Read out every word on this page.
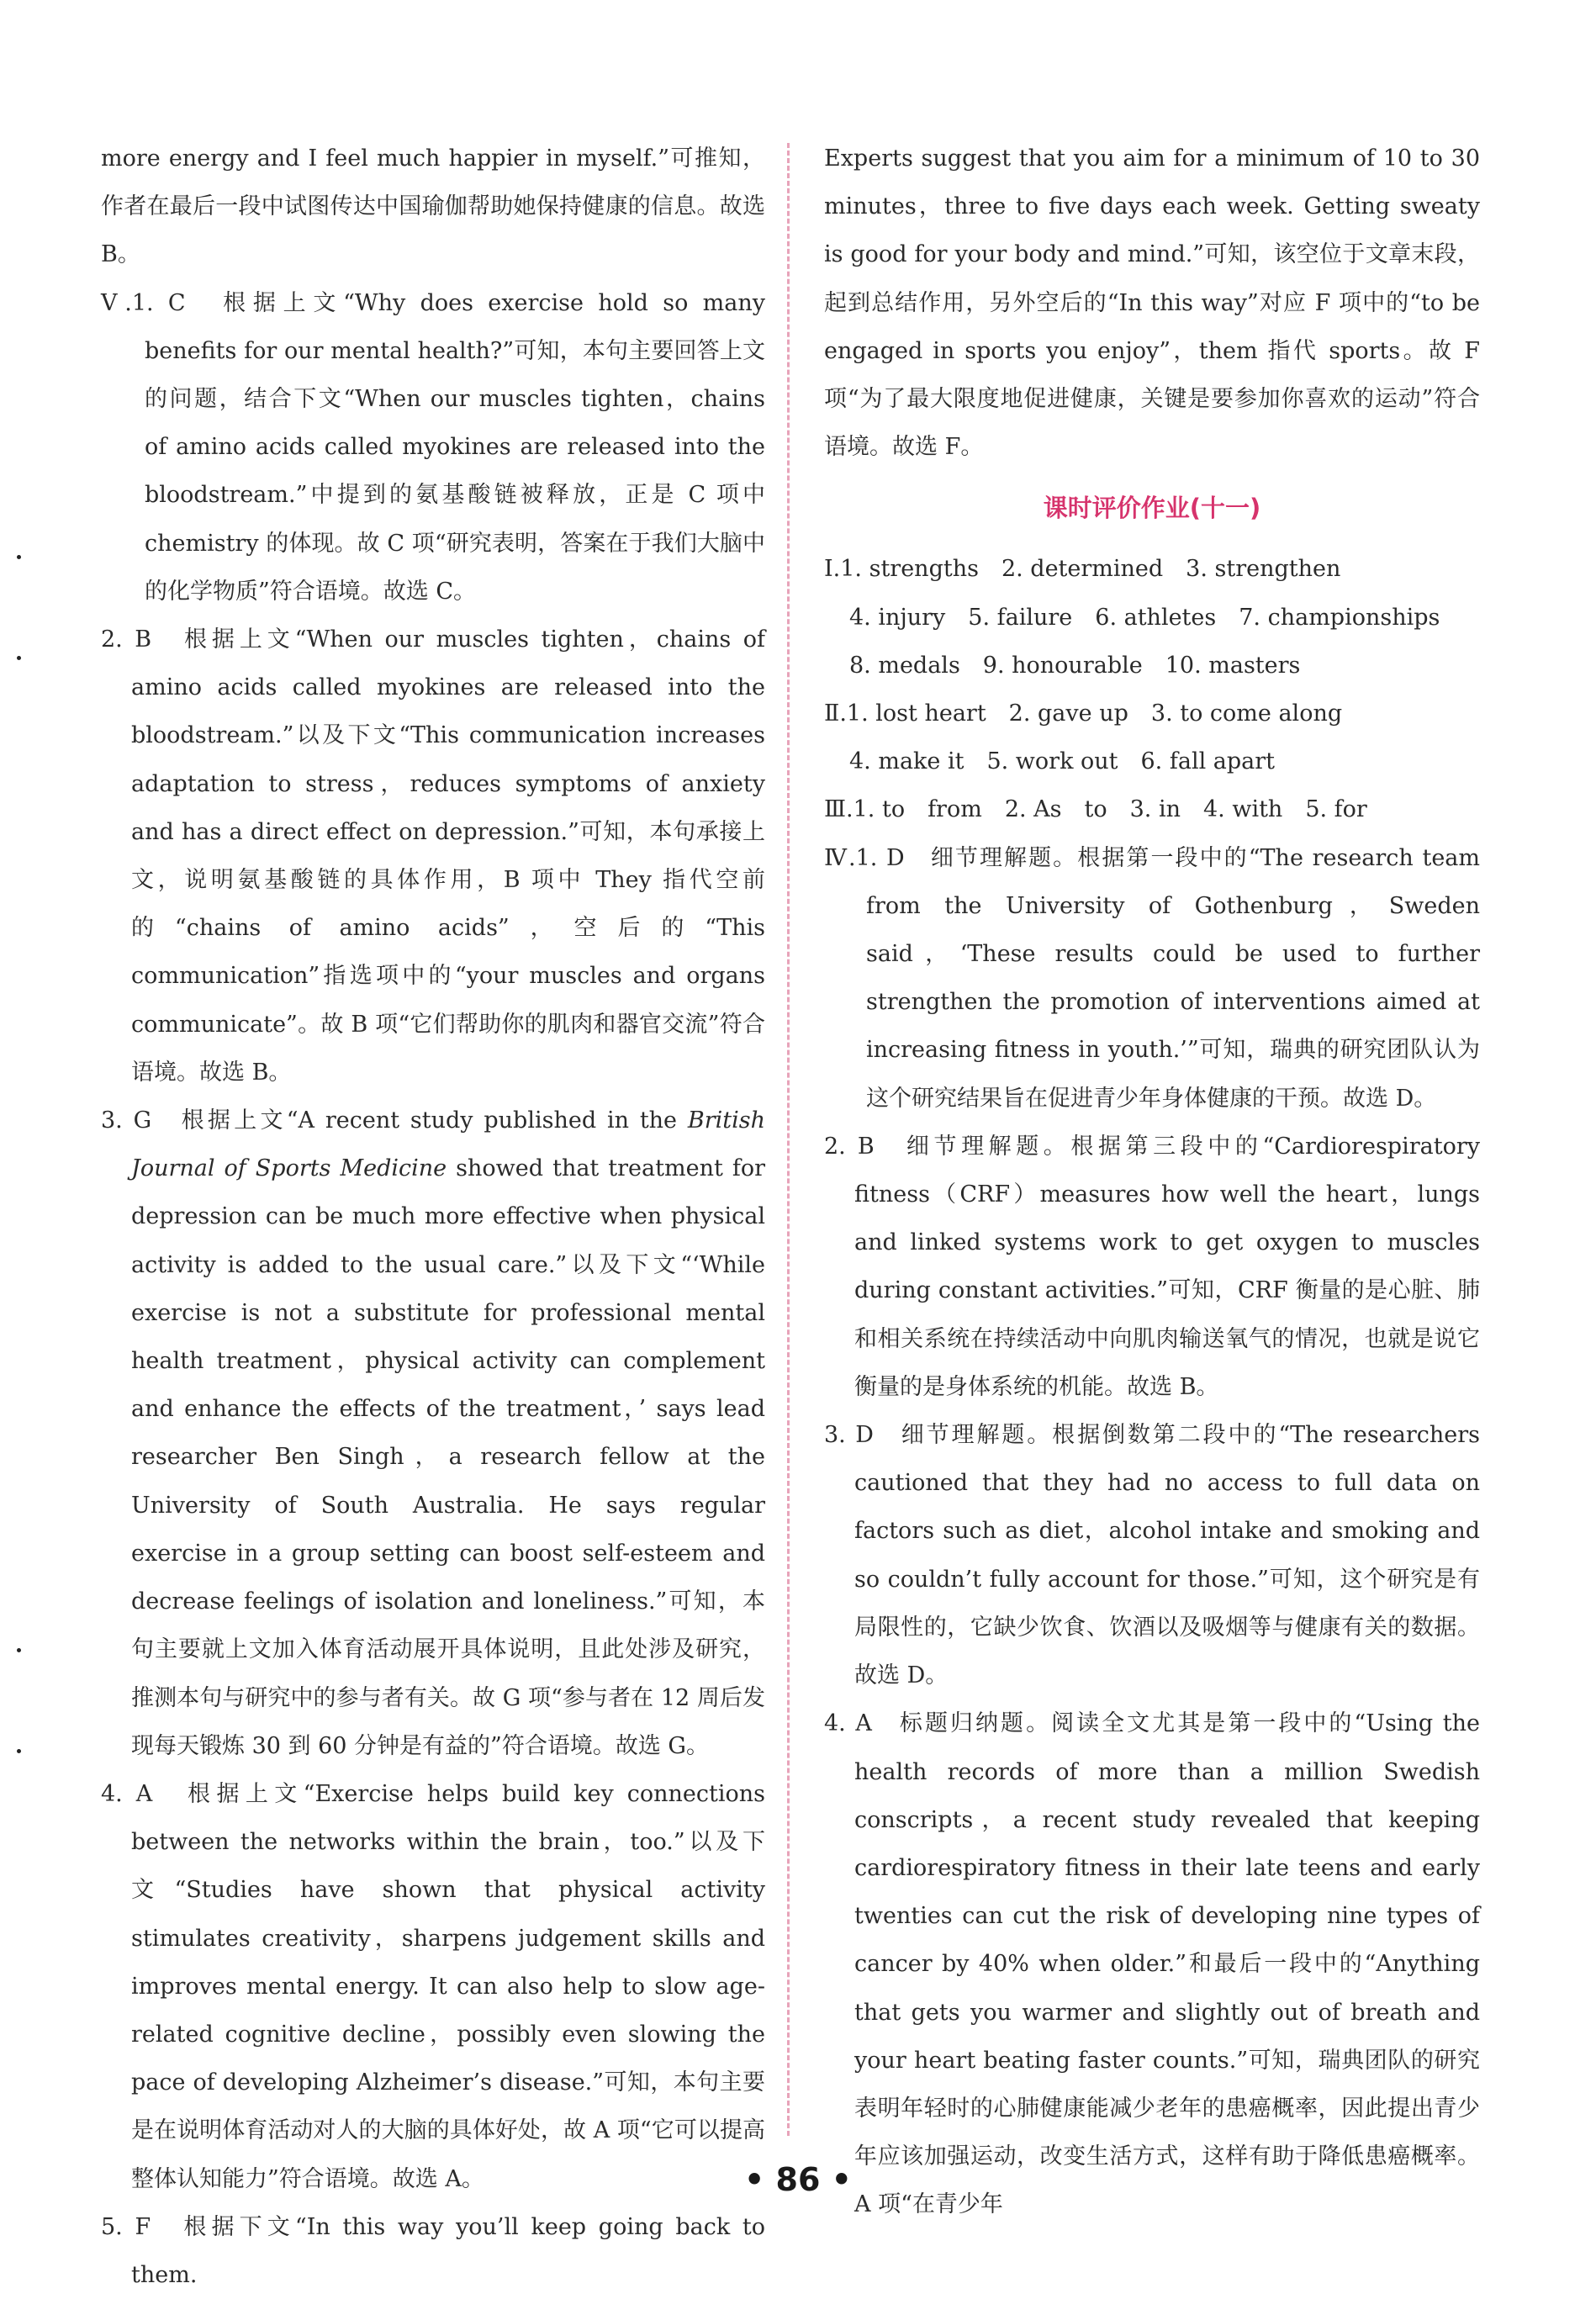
more energy and I feel much happier in myself.”可推知，作者在最后一段中试图传达中国瑜伽帮助她保持健康的信息。故选 B。

Ⅴ.1. C　根据上文“Why does exercise hold so many benefits for our mental health?”可知，本句主要回答上文的问题，结合下文“When our muscles tighten，chains of amino acids called myokines are released into the bloodstream.”中提到的氨基酸链被释放，正是 C 项中 chemistry 的体现。故 C 项“研究表明，答案在于我们大脑中的化学物质”符合语境。故选 C。

2. B　根据上文“When our muscles tighten，chains of amino acids called myokines are released into the bloodstream.”以及下文“This communication increases adaptation to stress，reduces symptoms of anxiety and has a direct effect on depression.”可知，本句承接上文，说明氨基酸链的具体作用，B 项中 They 指代空前的“chains of amino acids”，空后的“This communication”指选项中的“your muscles and organs communicate”。故 B 项“它们帮助你的肌肉和器官交流”符合语境。故选 B。

3. G　根据上文“A recent study published in the British Journal of Sports Medicine showed that treatment for depression can be much more effective when physical activity is added to the usual care.”以及下文“‘While exercise is not a substitute for professional mental health treatment，physical activity can complement and enhance the effects of the treatment，’ says lead researcher Ben Singh，a research fellow at the University of South Australia. He says regular exercise in a group setting can boost self-esteem and decrease feelings of isolation and loneliness.”可知，本句主要就上文加入体育活动展开具体说明，且此处涉及研究，推测本句与研究中的参与者有关。故 G 项“参与者在 12 周后发现每天锻炼 30 到 60 分钟是有益的”符合语境。故选 G。

4. A　根据上文“Exercise helps build key connections between the networks within the brain，too.”以及下文“Studies have shown that physical activity stimulates creativity，sharpens judgement skills and improves mental energy. It can also help to slow age-related cognitive decline，possibly even slowing the pace of developing Alzheimer’s disease.”可知，本句主要是在说明体育活动对人的大脑的具体好处，故 A 项“它可以提高整体认知能力”符合语境。故选 A。

5. F　根据下文“In this way you’ll keep going back to them.

Experts suggest that you aim for a minimum of 10 to 30 minutes，three to five days each week. Getting sweaty is good for your body and mind.”可知，该空位于文章末段，起到总结作用，另外空后的“In this way”对应 F 项中的“to be engaged in sports you enjoy”，them 指代 sports。故 F 项“为了最大限度地促进健康，关键是要参加你喜欢的运动”符合语境。故选 F。

课时评价作业(十一)

Ⅰ.1. strengths　2. determined　3. strengthen

4. injury　5. failure　6. athletes　7. championships

8. medals　9. honourable　10. masters

Ⅱ.1. lost heart　2. gave up　3. to come along

4. make it　5. work out　6. fall apart

Ⅲ.1. to　from　2. As　to　3. in　4. with　5. for

Ⅳ.1. D　细节理解题。根据第一段中的“The research team from the University of Gothenburg，Sweden said，‘These results could be used to further strengthen the promotion of interventions aimed at increasing fitness in youth.’”可知，瑞典的研究团队认为这个研究结果旨在促进青少年身体健康的干预。故选 D。

2. B　细节理解题。根据第三段中的“Cardiorespiratory fitness（CRF）measures how well the heart，lungs and linked systems work to get oxygen to muscles during constant activities.”可知，CRF 衡量的是心脏、肺和相关系统在持续活动中向肌肉输送氧气的情况，也就是说它衡量的是身体系统的机能。故选 B。

3. D　细节理解题。根据倒数第二段中的“The researchers cautioned that they had no access to full data on factors such as diet，alcohol intake and smoking and so couldn’t fully account for those.”可知，这个研究是有局限性的，它缺少饮食、饮酒以及吸烟等与健康有关的数据。故选 D。

4. A　标题归纳题。阅读全文尤其是第一段中的“Using the health records of more than a million Swedish conscripts，a recent study revealed that keeping cardiorespiratory fitness in their late teens and early twenties can cut the risk of developing nine types of cancer by 40% when older.”和最后一段中的“Anything that gets you warmer and slightly out of breath and your heart beating faster counts.”可知，瑞典团队的研究表明年轻时的心肺健康能减少老年的患癌概率，因此提出青少年应该加强运动，改变生活方式，这样有助于降低患癌概率。A 项“在青少年

• 86 •
